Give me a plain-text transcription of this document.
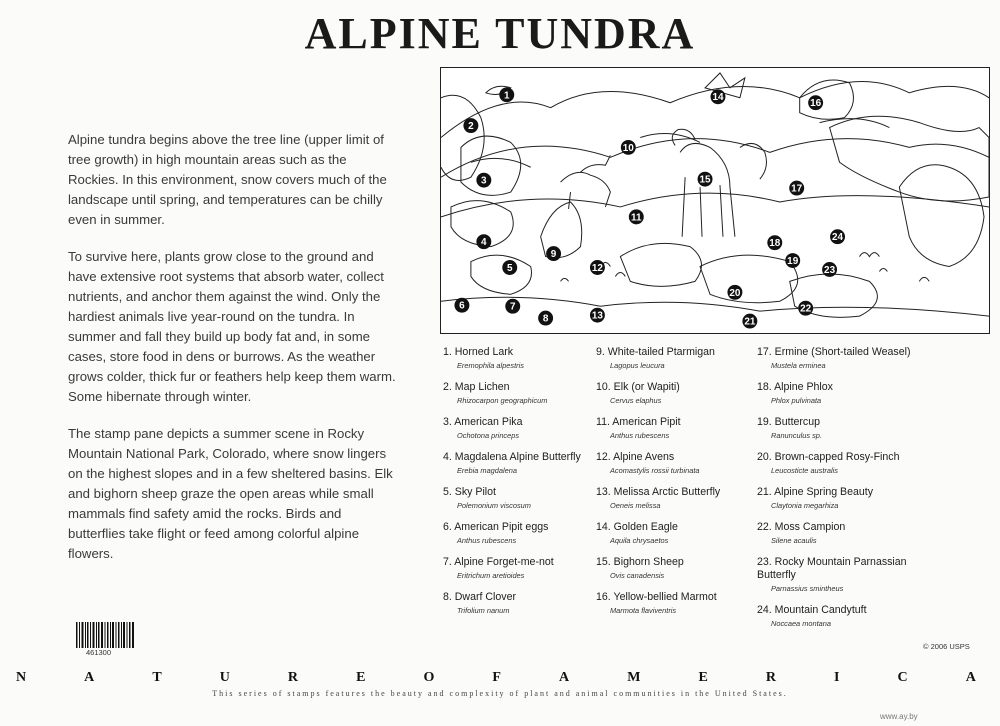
ALPINE TUNDRA

Alpine tundra begins above the tree line (upper limit of tree growth) in high mountain areas such as the Rockies. In this environment, snow covers much of the landscape until spring, and temperatures can be chilly even in summer.

To survive here, plants grow close to the ground and have extensive root systems that absorb water, collect nutrients, and anchor them against the wind. Only the hardiest animals live year-round on the tundra. In summer and fall they build up body fat and, in some cases, store food in dens or burrows. As the weather grows colder, thick fur or feathers help keep them warm. Some hibernate through winter.

The stamp pane depicts a summer scene in Rocky Mountain National Park, Colorado, where snow lingers on the highest slopes and in a few sheltered basins. Elk and bighorn sheep graze the open areas while small mammals find safety amid the rocks. Birds and butterflies take flight or feed among colorful alpine flowers.

1
2
3
4
5
6	7
8
9
10
11
12
13
14
15
16
17
18
19
20
21
22
23
24
1. Horned Lark
Eremophila alpestris
2. Map Lichen
Rhizocarpon geographicum
3. American Pika
Ochotona princeps
4. Magdalena Alpine Butterfly
Erebia magdalena
5. Sky Pilot
Polemonium viscosum
6. American Pipit eggs
Anthus rubescens
7. Alpine Forget-me-not
Eritrichum aretioides
8. Dwarf Clover
Trifolium nanum
9. White-tailed Ptarmigan
Lagopus leucura
10. Elk (or Wapiti)
Cervus elaphus
11. American Pipit
Anthus rubescens
12. Alpine Avens
Acomastylis rossii turbinata
13. Melissa Arctic Butterfly
Oeneis melissa
14. Golden Eagle
Aquila chrysaetos
15. Bighorn Sheep
Ovis canadensis
16. Yellow-bellied Marmot
Marmota flaviventris
17. Ermine (Short-tailed Weasel)
Mustela erminea
18. Alpine Phlox
Phlox pulvinata
19. Buttercup
Ranunculus sp.
20. Brown-capped Rosy-Finch
Leucosticte australis
21. Alpine Spring Beauty
Claytonia megarhiza
22. Moss Campion
Silene acaulis
23. Rocky Mountain Parnassian Butterfly
Parnassius smintheus
24. Mountain Candytuft
Noccaea montana
461300
© 2006 USPS
N	A	T	U	R	E	O	F	A	M	E	R	I	C	A
This series of stamps features the beauty and complexity of plant and animal communities in the United States.
www.ay.by
